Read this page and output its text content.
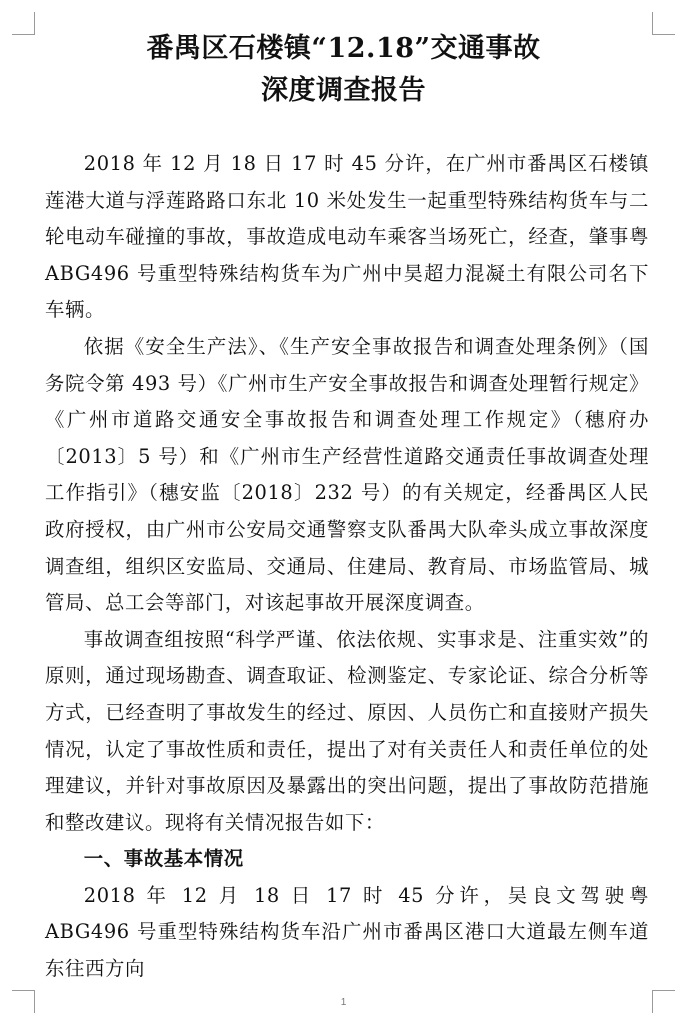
番禺区石楼镇“12.18”交通事故
深度调查报告

2018 年 12 月 18 日 17 时 45 分许，在广州市番禺区石楼镇莲港大道与浮莲路路口东北 10 米处发生一起重型特殊结构货车与二轮电动车碰撞的事故，事故造成电动车乘客当场死亡，经查，肇事粤 ABG496 号重型特殊结构货车为广州中昊超力混凝土有限公司名下车辆。

依据《安全生产法》、《生产安全事故报告和调查处理条例》（国务院令第 493 号）《广州市生产安全事故报告和调查处理暂行规定》《广州市道路交通安全事故报告和调查处理工作规定》（穗府办〔2013〕5 号）和《广州市生产经营性道路交通责任事故调查处理工作指引》（穗安监〔2018〕232 号）的有关规定，经番禺区人民政府授权，由广州市公安局交通警察支队番禺大队牵头成立事故深度调查组，组织区安监局、交通局、住建局、教育局、市场监管局、城管局、总工会等部门，对该起事故开展深度调查。

事故调查组按照“科学严谨、依法依规、实事求是、注重实效”的原则，通过现场勘查、调查取证、检测鉴定、专家论证、综合分析等方式，已经查明了事故发生的经过、原因、人员伤亡和直接财产损失情况，认定了事故性质和责任，提出了对有关责任人和责任单位的处理建议，并针对事故原因及暴露出的突出问题，提出了事故防范措施和整改建议。现将有关情况报告如下：

一、事故基本情况

2018 年 12 月 18 日 17 时 45 分许，吴良文驾驶粤 ABG496 号重型特殊结构货车沿广州市番禺区港口大道最左侧车道东往西方向

1
